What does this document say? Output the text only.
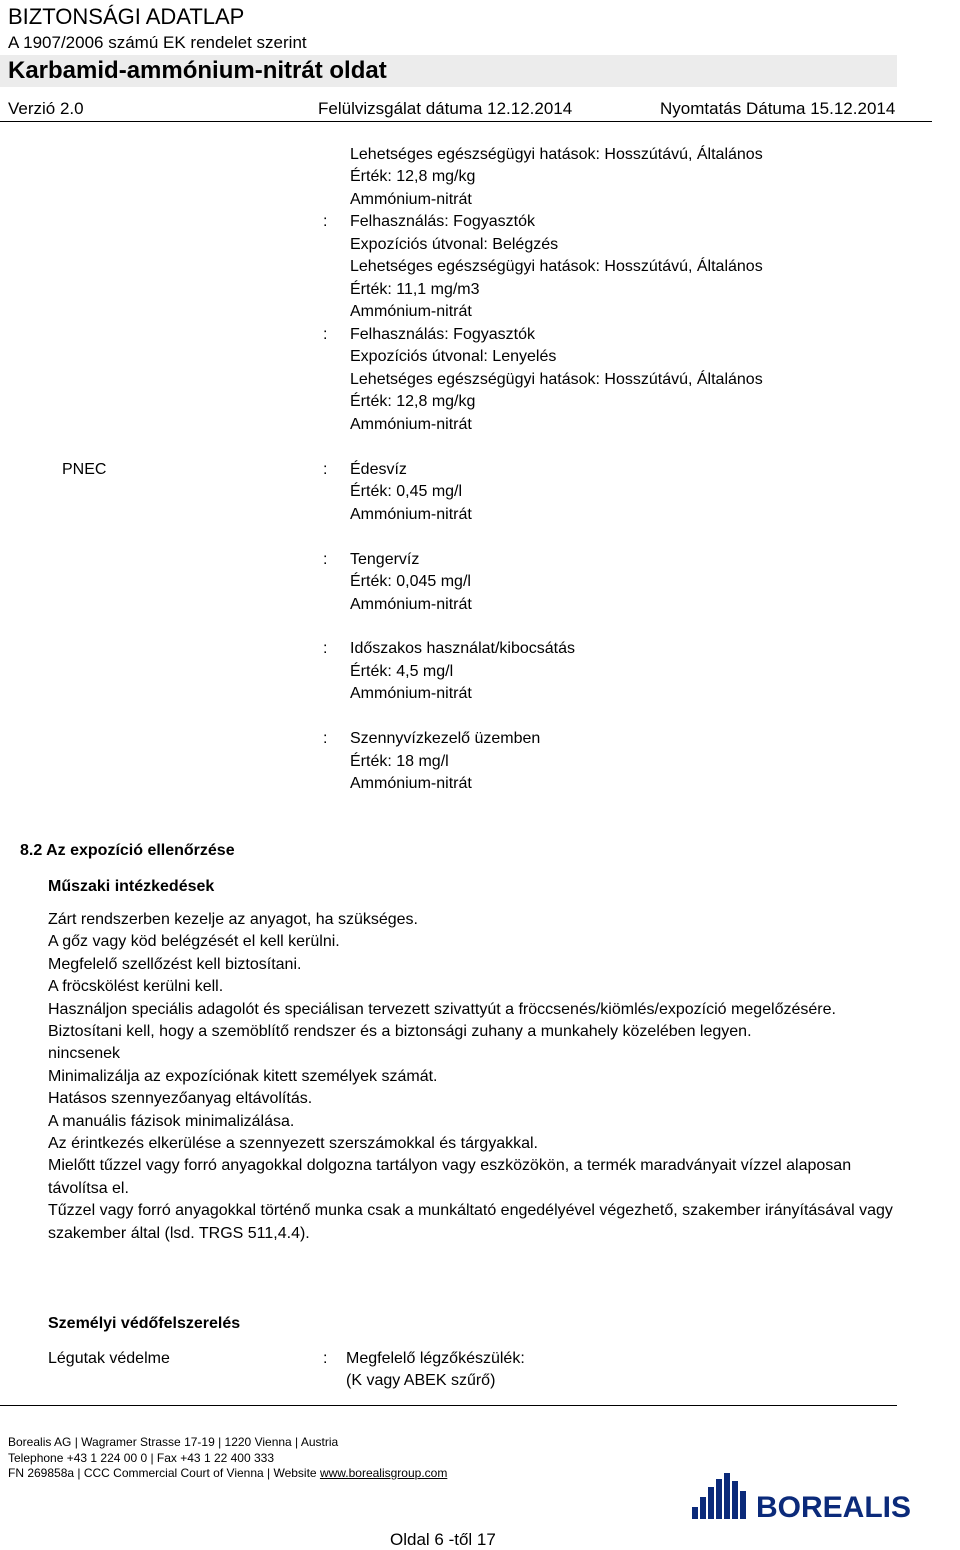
BIZTONSÁGI ADATLAP
A 1907/2006 számú EK rendelet szerint
Karbamid-ammónium-nitrát oldat
Verzió 2.0	Felülvizsgálat dátuma 12.12.2014	Nyomtatás Dátuma 15.12.2014
Lehetséges egészségügyi hatások: Hosszútávú, Általános
Érték: 12,8 mg/kg
Ammónium-nitrát
: Felhasználás: Fogyasztók
Expozíciós útvonal: Belégzés
Lehetséges egészségügyi hatások: Hosszútávú, Általános
Érték: 11,1 mg/m3
Ammónium-nitrát
: Felhasználás: Fogyasztók
Expozíciós útvonal: Lenyelés
Lehetséges egészségügyi hatások: Hosszútávú, Általános
Érték: 12,8 mg/kg
Ammónium-nitrát
PNEC	: Édesvíz
Érték: 0,45 mg/l
Ammónium-nitrát
: Tengervíz
Érték: 0,045 mg/l
Ammónium-nitrát
: Időszakos használat/kibocsátás
Érték: 4,5 mg/l
Ammónium-nitrát
: Szennyvízkezelő üzemben
Érték: 18 mg/l
Ammónium-nitrát
8.2 Az expozíció ellenőrzése
Műszaki intézkedések
Zárt rendszerben kezelje az anyagot, ha szükséges.
A gőz vagy köd belégzését el kell kerülni.
Megfelelő szellőzést kell biztosítani.
A fröcskölést kerülni kell.
Használjon speciális adagolót és speciálisan tervezett szivattyút a fröccsenés/kiömlés/expozíció megelőzésére.
Biztosítani kell, hogy a szemöblítő rendszer és a biztonsági zuhany a munkahely közelében legyen.
nincsenek
Minimalizálja az expozíciónak kitett személyek számát.
Hatásos szennyezőanyag eltávolítás.
A manuális fázisok minimalizálása.
Az érintkezés elkerülése a szennyezett szerszámokkal és tárgyakkal.
Mielőtt tűzzel vagy forró anyagokkal dolgozna tartályon vagy eszközökön, a termék maradványait vízzel alaposan távolítsa el.
Tűzzel vagy forró anyagokkal történő munka csak a munkáltató engedélyével végezhető, szakember irányításával vagy szakember által (lsd. TRGS 511,4.4).
Személyi védőfelszerelés
Légutak védelme	: Megfelelő légzőkészülék:
(K vagy ABEK szűrő)
Borealis AG | Wagramer Strasse 17-19 | 1220 Vienna | Austria
Telephone +43 1 224 00 0 | Fax +43 1 22 400 333
FN 269858a | CCC Commercial Court of Vienna | Website www.borealisgroup.com
BOREALIS
Oldal 6 -től 17
